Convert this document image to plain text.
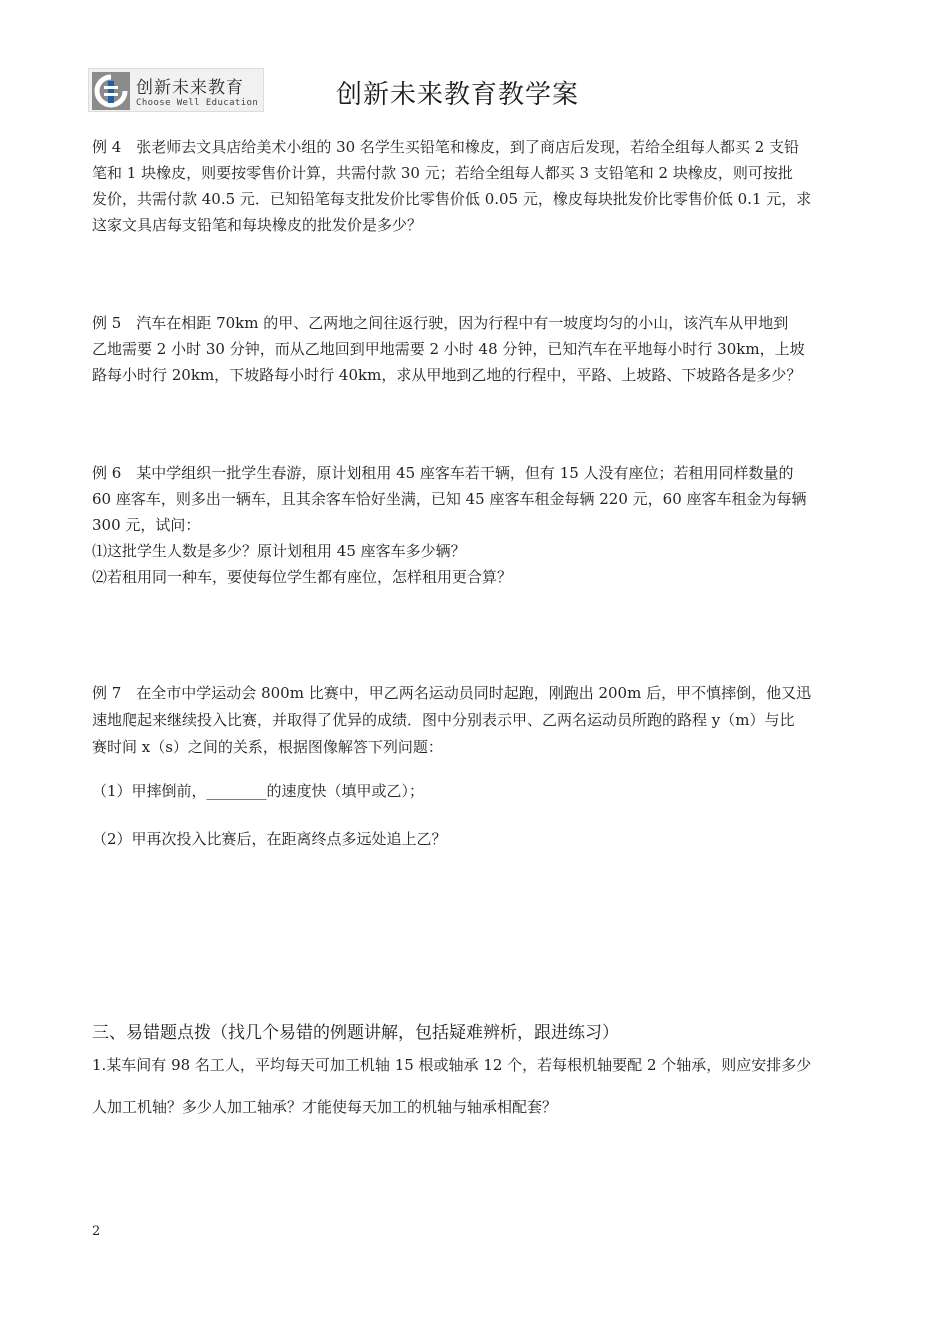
创新未来教育
Choose Well Education	创新未来教育教学案
例 4　张老师去文具店给美术小组的 30 名学生买铅笔和橡皮，到了商店后发现，若给全组每人都买 2 支铅
笔和 1 块橡皮，则要按零售价计算，共需付款 30 元；若给全组每人都买 3 支铅笔和 2 块橡皮，则可按批
发价，共需付款 40.5 元．已知铅笔每支批发价比零售价低 0.05 元，橡皮每块批发价比零售价低 0.1 元，求
这家文具店每支铅笔和每块橡皮的批发价是多少？
例 5　汽车在相距 70km 的甲、乙两地之间往返行驶，因为行程中有一坡度均匀的小山，该汽车从甲地到
乙地需要 2 小时 30 分钟，而从乙地回到甲地需要 2 小时 48 分钟，已知汽车在平地每小时行 30km，上坡
路每小时行 20km，下坡路每小时行 40km，求从甲地到乙地的行程中，平路、上坡路、下坡路各是多少？
例 6　某中学组织一批学生春游，原计划租用 45 座客车若干辆，但有 15 人没有座位；若租用同样数量的
60 座客车，则多出一辆车，且其余客车恰好坐满，已知 45 座客车租金每辆 220 元，60 座客车租金为每辆
300 元，试问：
⑴这批学生人数是多少？原计划租用 45 座客车多少辆？
⑵若租用同一种车，要使每位学生都有座位，怎样租用更合算？
例 7　在全市中学运动会 800m 比赛中，甲乙两名运动员同时起跑，刚跑出 200m 后，甲不慎摔倒，他又迅
速地爬起来继续投入比赛，并取得了优异的成绩．图中分别表示甲、乙两名运动员所跑的路程 y（m）与比
赛时间 x（s）之间的关系，根据图像解答下列问题：
（1）甲摔倒前，________的速度快（填甲或乙）；
（2）甲再次投入比赛后，在距离终点多远处追上乙？
三、易错题点拨（找几个易错的例题讲解，包括疑难辨析，跟进练习）
1.某车间有 98 名工人，平均每天可加工机轴 15 根或轴承 12 个，若每根机轴要配 2 个轴承，则应安排多少
人加工机轴？多少人加工轴承？才能使每天加工的机轴与轴承相配套？
2
